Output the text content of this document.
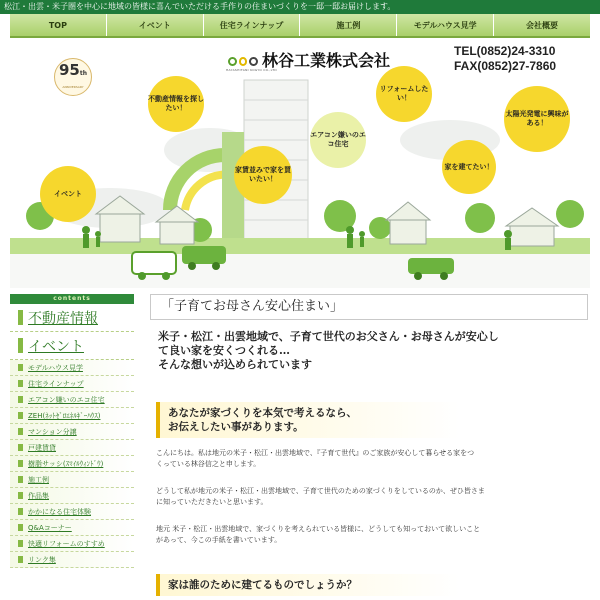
松江・出雲・米子圏を中心に地域の皆様に喜んでいただける手作りの住まいづくりを一邸一邸お届けします。
TOP	イベント	住宅ラインナップ	施工例	モデルハウス見学	会社概要
95th
ANNIVERSARY
HAYASHITANI KOGYO CO.,LTD
林谷工業株式会社	TEL(0852)24-3310
FAX(0852)27-7860
不動産情報を探したい！
イベント
エアコン嫌いのエコ住宅
家賃並みで家を買いたい！
リフォームしたい！
家を建てたい！
太陽光発電に興味がある！
contents
不動産情報
イベント
モデルハウス見学
住宅ラインナップ
エアコン嫌いのエコ住宅
ZEH(ﾈｯﾄｾﾞﾛｴﾈﾙｷﾞｰﾊｳｽ)
マンション分譲
戸建賃貸
樹脂サッシ(ｽﾏｲﾙｳｨﾝﾄﾞｳ)
施工例
作品集
かかになる住宅体験
Q&Aコーナー
快適リフォームのすすめ
リンク集
「子育てお母さん安心住まい」
米子・松江・出雲地域で、子育て世代のお父さん・お母さんが安心し
て良い家を安くつくれる…
そんな想いが込められています
あなたが家づくりを本気で考えるなら、
お伝えしたい事があります。
こんにちは。私は地元の米子・松江・出雲地域で、『子育て世代』のご家族が安心して暮らせる家をつ
くっている林谷信之と申します。
どうして私が地元の米子・松江・出雲地域で、子育て世代のための家づくりをしているのか、ぜひ皆さま
に知っていただきたいと思います。
地元 米子・松江・出雲地域で、家づくりを考えられている皆様に、どうしても知っておいて欲しいこと
があって、今この手紙を書いています。
家は誰のために建てるものでしょうか？
